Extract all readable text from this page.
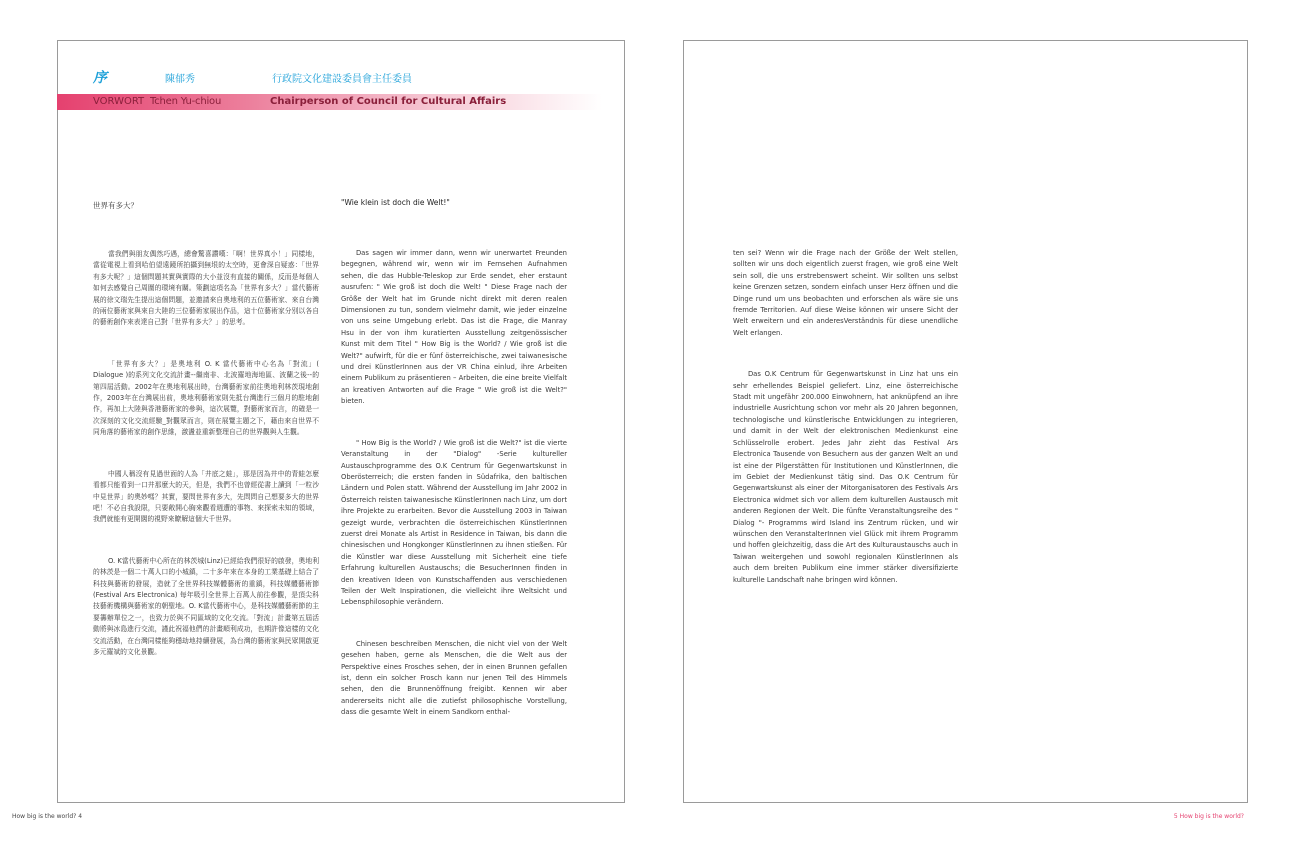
序	陳郁秀	行政院文化建設委員會主任委員
VORWORT Tchen Yu-chiou	Chairperson of Council for Cultural Affairs
世界有多大？	"Wie klein ist doch die Welt!"

當我們與朋友偶然巧遇，總會驚喜讚嘆：「啊！世界真小！」同樣地，當從電視上看到哈伯望遠鏡所拍攝到無垠的太空時，更會深自疑惑：「世界有多大呢？」這個問題其實與實際的大小並沒有直接的關係，反而是每個人如何去感覺自己周圍的環境有關。策劃這項名為「世界有多大？」當代藝術展的徐文瑞先生提出這個問題，並邀請來自奧地利的五位藝術家、來自台灣的兩位藝術家與來自大陸的三位藝術家展出作品，這十位藝術家分別以各自的藝術創作來表達自己對「世界有多大？」的思考。

「世界有多大？」是奧地利 O. K 當代藝術中心名為「對流」( Dialogue )的系列文化交流計畫--繼南非、北波羅地海地區、波蘭之後--的第四屆活動。2002年在奧地利展出時，台灣藝術家前往奧地利林茨現地創作，2003年在台灣展出前，奧地利藝術家則先抵台灣進行三個月的駐地創作，再加上大陸與香港藝術家的參與，這次展覽，對藝術家而言，的確是一次深刻的文化交流經驗_對觀眾而言，則在展覽主題之下，藉由來自世界不同角落的藝術家的創作思維，激盪並重新整理自己的世界觀與人生觀。

中國人稱沒有見過世面的人為「井底之蛙」，那是因為井中的青蛙怎麼看都只能看到一口井那麼大的天，但是，我們不也曾經從書上讀到「一粒沙中見世界」的奧妙嗎？其實，要問世界有多大，先問問自己想要多大的世界吧！不必自我設限，只要敞開心胸來觀看週遭的事物、來探索未知的領域，我們就能有更開闊的視野來瞭解這個大千世界。

O. K當代藝術中心所在的林茨城(Linz)已經給我們很好的啟發，奧地利的林茨是一個二十萬人口的小城鎮，二十多年來在本身的工業基礎上結合了科技與藝術的發展，造就了全世界科技媒體藝術的重鎮，科技媒體藝術節(Festival Ars Electronica) 每年吸引全世界上百萬人前往參觀，是頂尖科技藝術機構與藝術家的朝聖地。O. K當代藝術中心，是科技媒體藝術節的主要籌辦單位之一，也致力於與不同區域的文化交流。「對流」計畫第五屆活動將與冰島進行交流，謹此祝福他們的計畫順利成功，也期許像這樣的文化交流活動，在台灣同樣能夠穩劫地持續發展，為台灣的藝術家與民眾開啟更多元羅斌的文化景觀。

Das sagen wir immer dann, wenn wir unerwartet Freunden begegnen, während wir, wenn wir im Fernsehen Aufnahmen sehen, die das Hubble-Teleskop zur Erde sendet, eher erstaunt ausrufen: " Wie groß ist doch die Welt! " Diese Frage nach der Größe der Welt hat im Grunde nicht direkt mit deren realen Dimensionen zu tun, sondern vielmehr damit, wie jeder einzelne von uns seine Umgebung erlebt. Das ist die Frage, die Manray Hsu in der von ihm kuratierten Ausstellung zeitgenössischer Kunst mit dem Titel " How Big is the World? / Wie groß ist die Welt?" aufwirft, für die er fünf österreichische, zwei taiwanesische und drei KünstlerInnen aus der VR China einlud, ihre Arbeiten einem Publikum zu präsentieren – Arbeiten, die eine breite Vielfalt an kreativen Antworten auf die Frage " Wie groß ist die Welt?" bieten.

" How Big is the World? / Wie groß ist die Welt?" ist die vierte Veranstaltung in der "Dialog" -Serie kultureller Austauschprogramme des O.K Centrum für Gegenwartskunst in Oberösterreich; die ersten fanden in Südafrika, den baltischen Ländern und Polen statt. Während der Ausstellung im Jahr 2002 in Österreich reisten taiwanesische KünstlerInnen nach Linz, um dort ihre Projekte zu erarbeiten. Bevor die Ausstellung 2003 in Taiwan gezeigt wurde, verbrachten die österreichischen KünstlerInnen zuerst drei Monate als Artist in Residence in Taiwan, bis dann die chinesischen und Hongkonger KünstlerInnen zu ihnen stießen. Für die Künstler war diese Ausstellung mit Sicherheit eine tiefe Erfahrung kulturellen Austauschs; die BesucherInnen finden in den kreativen Ideen von Kunstschaffenden aus verschiedenen Teilen der Welt Inspirationen, die vielleicht ihre Weltsicht und Lebensphilosophie verändern.

Chinesen beschreiben Menschen, die nicht viel von der Welt gesehen haben, gerne als Menschen, die die Welt aus der Perspektive eines Frosches sehen, der in einen Brunnen gefallen ist, denn ein solcher Frosch kann nur jenen Teil des Himmels sehen, den die Brunnenöffnung freigibt. Kennen wir aber andererseits nicht alle die zutiefst philosophische Vorstellung, dass die gesamte Welt in einem Sandkorn enthal-

ten sei? Wenn wir die Frage nach der Größe der Welt stellen, sollten wir uns doch eigentlich zuerst fragen, wie groß eine Welt sein soll, die uns erstrebenswert scheint. Wir sollten uns selbst keine Grenzen setzen, sondern einfach unser Herz öffnen und die Dinge rund um uns beobachten und erforschen als wäre sie uns fremde Territorien. Auf diese Weise können wir unsere Sicht der Welt erweitern und ein anderesVerständnis für diese unendliche Welt erlangen.

Das O.K Centrum für Gegenwartskunst in Linz hat uns ein sehr erhellendes Beispiel geliefert. Linz, eine österreichische Stadt mit ungefähr 200.000 Einwohnern, hat anknüpfend an ihre industrielle Ausrichtung schon vor mehr als 20 Jahren begonnen, technologische und künstlerische Entwicklungen zu integrieren, und damit in der Welt der elektronischen Medienkunst eine Schlüsselrolle erobert. Jedes Jahr zieht das Festival Ars Electronica Tausende von Besuchern aus der ganzen Welt an und ist eine der Pilgerstätten für Institutionen und KünstlerInnen, die im Gebiet der Medienkunst tätig sind. Das O.K Centrum für Gegenwartskunst als einer der Mitorganisatoren des Festivals Ars Electronica widmet sich vor allem dem kulturellen Austausch mit anderen Regionen der Welt. Die fünfte Veranstaltungsreihe des " Dialog "- Programms wird Island ins Zentrum rücken, und wir wünschen den VeranstalterInnen viel Glück mit ihrem Programm und hoffen gleichzeitig, dass die Art des Kulturaustauschs auch in Taiwan weitergehen und sowohl regionalen KünstlerInnen als auch dem breiten Publikum eine immer stärker diversifizierte kulturelle Landschaft nahe bringen wird können.

How big is the world? 4	5 How big is the world?
